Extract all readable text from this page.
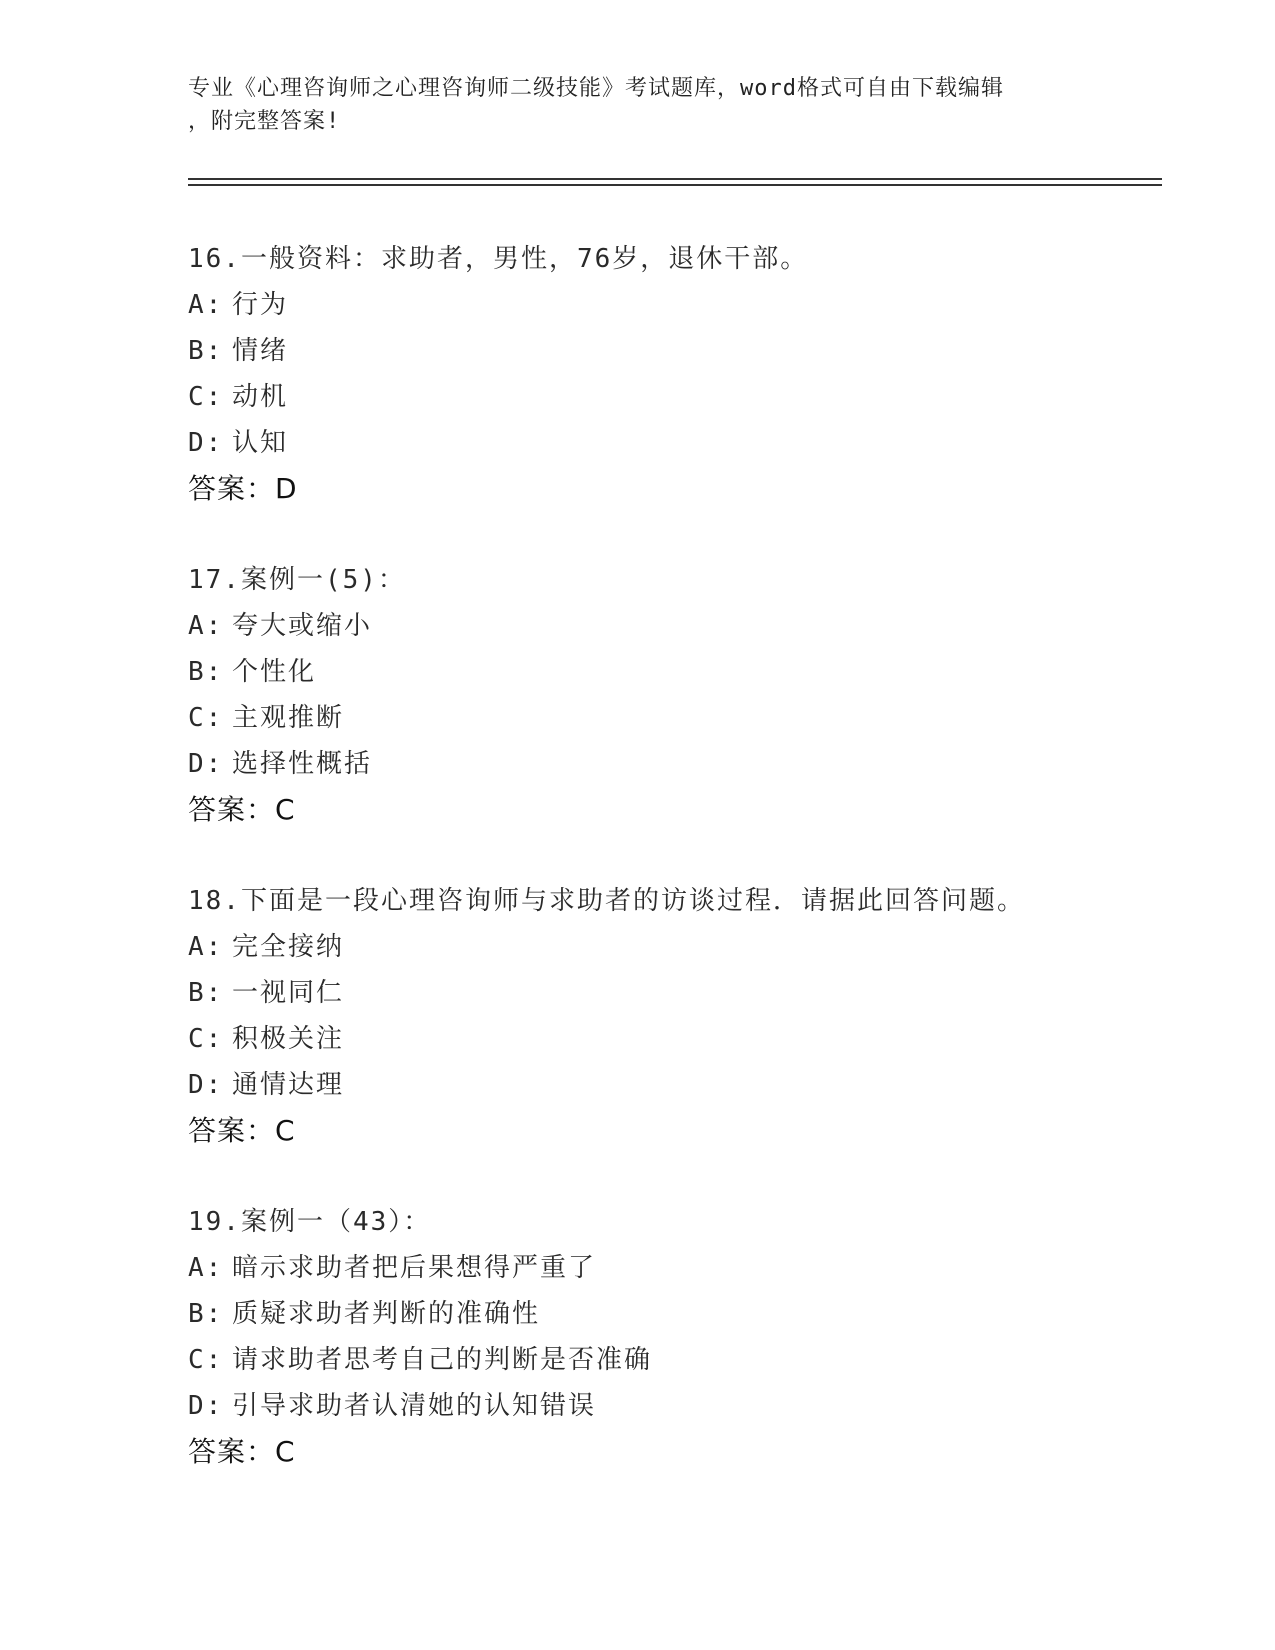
专业《心理咨询师之心理咨询师二级技能》考试题库，word格式可自由下载编辑
，附完整答案!
16.一般资料：求助者，男性，76岁，退休干部。
A: 行为
B: 情绪
C: 动机
D: 认知
答案：D
17.案例一(5)：
A: 夸大或缩小
B: 个性化
C: 主观推断
D: 选择性概括
答案：C
18.下面是一段心理咨询师与求助者的访谈过程．请据此回答问题。
A: 完全接纳
B: 一视同仁
C: 积极关注
D: 通情达理
答案：C
19.案例一（43）：
A: 暗示求助者把后果想得严重了
B: 质疑求助者判断的准确性
C: 请求助者思考自己的判断是否准确
D: 引导求助者认清她的认知错误
答案：C
